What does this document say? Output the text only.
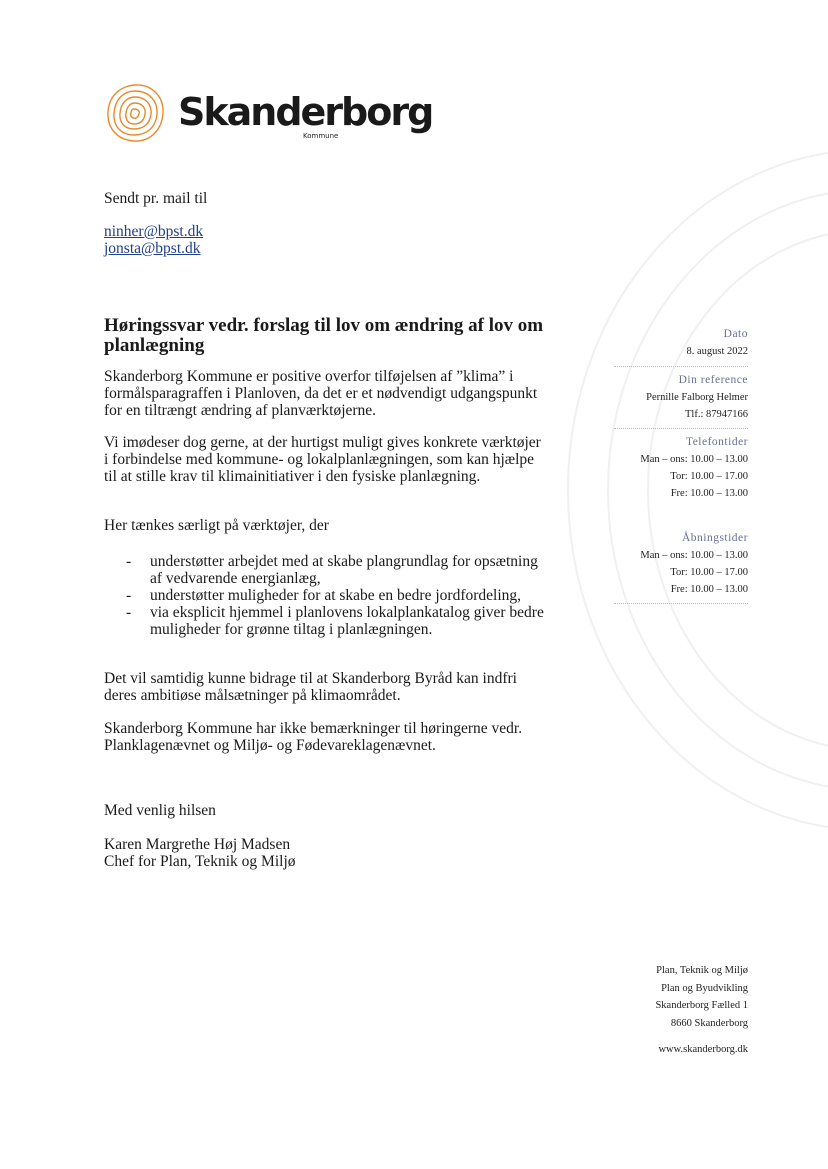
Skanderborg
Kommune
Sendt pr. mail til
ninher@bpst.dk
jonsta@bpst.dk
Høringssvar vedr. forslag til lov om ændring af lov om planlægning
Skanderborg Kommune er positive overfor tilføjelsen af ”klima” i formålsparagraffen i Planloven, da det er et nødvendigt udgangspunkt for en tiltrængt ændring af planværktøjerne.
Vi imødeser dog gerne, at der hurtigst muligt gives konkrete værktøjer i forbindelse med kommune- og lokalplanlægningen, som kan hjælpe til at stille krav til klimainitiativer i den fysiske planlægning.
Her tænkes særligt på værktøjer, der
- understøtter arbejdet med at skabe plangrundlag for opsætning af vedvarende energianlæg,
- understøtter muligheder for at skabe en bedre jordfordeling,
- via eksplicit hjemmel i planlovens lokalplankatalog giver bedre muligheder for grønne tiltag i planlægningen.
Det vil samtidig kunne bidrage til at Skanderborg Byråd kan indfri deres ambitiøse målsætninger på klimaområdet.
Skanderborg Kommune har ikke bemærkninger til høringerne vedr. Planklagenævnet og Miljø- og Fødevareklagenævnet.
Med venlig hilsen
Karen Margrethe Høj Madsen
Chef for Plan, Teknik og Miljø
Dato
8. august 2022
Din reference
Pernille Falborg Helmer
Tlf.: 87947166
Telefontider
Man – ons: 10.00 – 13.00
Tor: 10.00 – 17.00
Fre: 10.00 – 13.00
Åbningstider
Man – ons: 10.00 – 13.00
Tor: 10.00 – 17.00
Fre: 10.00 – 13.00
Plan, Teknik og Miljø
Plan og Byudvikling
Skanderborg Fælled 1
8660 Skanderborg
www.skanderborg.dk
